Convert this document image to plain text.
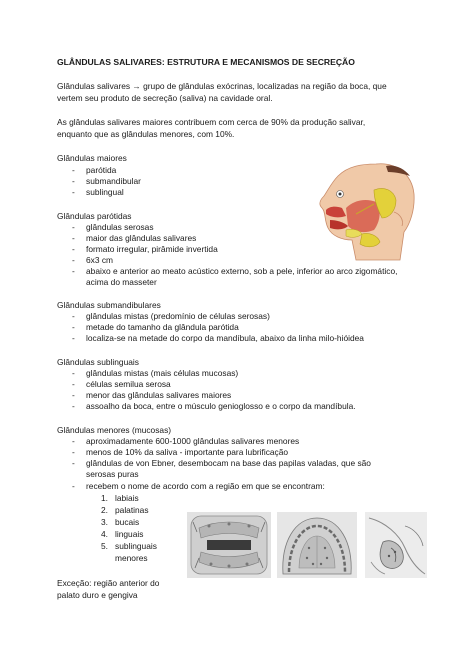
GLÂNDULAS SALIVARES: ESTRUTURA E MECANISMOS DE SECREÇÃO
Glândulas salivares → grupo de glândulas exócrinas, localizadas na região da boca, que
vertem seu produto de secreção (saliva) na cavidade oral.
As glândulas salivares maiores contribuem com cerca de 90% da produção salivar,
enquanto que as glândulas menores, com 10%.
Glândulas maiores
- parótida
- submandibular
- sublingual
Glândulas parótidas
- glândulas serosas
- maior das glândulas salivares
- formato irregular, pirâmide invertida
- 6x3 cm
- abaixo e anterior ao meato acústico externo, sob a pele, inferior ao arco zigomático,
acima do masseter
Glândulas submandibulares
- glândulas mistas (predomínio de células serosas)
- metade do tamanho da glândula parótida
- localiza-se na metade do corpo da mandíbula, abaixo da linha milo-hióidea
Glândulas sublinguais
- glândulas mistas (mais células mucosas)
- células semilua serosa
- menor das glândulas salivares maiores
- assoalho da boca, entre o músculo genioglosso e o corpo da mandíbula.
Glândulas menores (mucosas)
- aproximadamente 600-1000 glândulas salivares menores
- menos de 10% da saliva - importante para lubrificação
- glândulas de von Ebner, desembocam na base das papilas valadas, que são
serosas puras
- recebem o nome de acordo com a região em que se encontram:
1. labiais
2. palatinas
3. bucais
4. linguais
5. sublinguais
menores
Exceção: região anterior do
palato duro e gengiva
